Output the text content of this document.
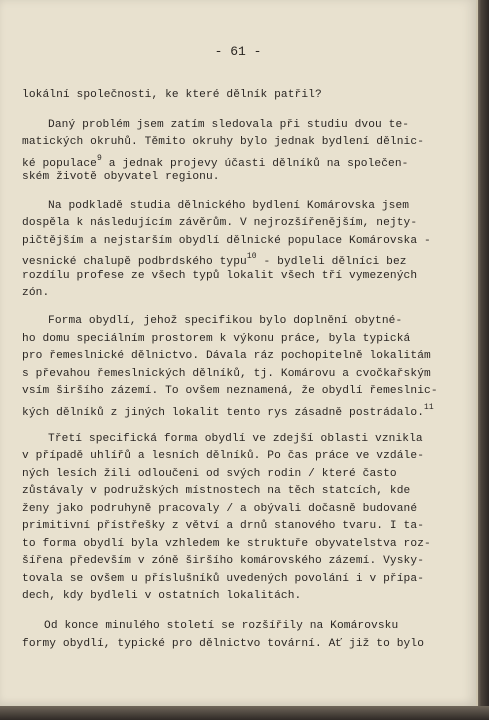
- 61 -
lokální společnosti, ke které dělník patřil?
Daný problém jsem zatím sledovala při studiu dvou te-
matických okruhů. Těmito okruhy bylo jednak bydlení dělnic-
ké populace$^9$ a jednak projevy účasti dělníků na společen-
ském životě obyvatel regionu.
Na podkladě studia dělnického bydlení Komárovska jsem
dospěla k následujícím závěrům. V nejrozšířenějším, nejty-
pičtějším a nejstarším obydlí dělnické populace Komárovska -
vesnické chalupě podbrdského typu$^{10}$ - bydleli dělníci bez
rozdílu profese ze všech typů lokalit všech tří vymezených
zón.
Forma obydlí, jehož specifikou bylo doplnění obytné-
ho domu speciálním prostorem k výkonu práce, byla typická
pro řemeslnické dělnictvo. Dávala ráz pochopitelně lokalitám
s převahou řemeslnických dělníků, tj. Komárovu a cvočkařským
vsím širšího zázemí. To ovšem neznamená, že obydlí řemeslnic-
kých dělníků z jiných lokalit tento rys zásadně postrádalo.$^{11}$
Třetí specifická forma obydlí ve zdejší oblasti vznikla
v případě uhlířů a lesních dělníků. Po čas práce ve vzdále-
ných lesích žili odloučeni od svých rodin / které často
zůstávaly v podružských místnostech na těch statcích, kde
ženy jako podruhyně pracovaly / a obývali dočasně budované
primitivní přístřešky z větví a drnů stanového tvaru. I ta-
to forma obydlí byla vzhledem ke struktuře obyvatelstva roz-
šířena především v zóně širšího komárovského zázemí. Vysky-
tovala se ovšem u příslušníků uvedených povolání i v přípa-
dech, kdy bydleli v ostatních lokalitách.
Od konce minulého století se rozšířily na Komárovsku
formy obydlí, typické pro dělnictvo tovární. Ať již to bylo
